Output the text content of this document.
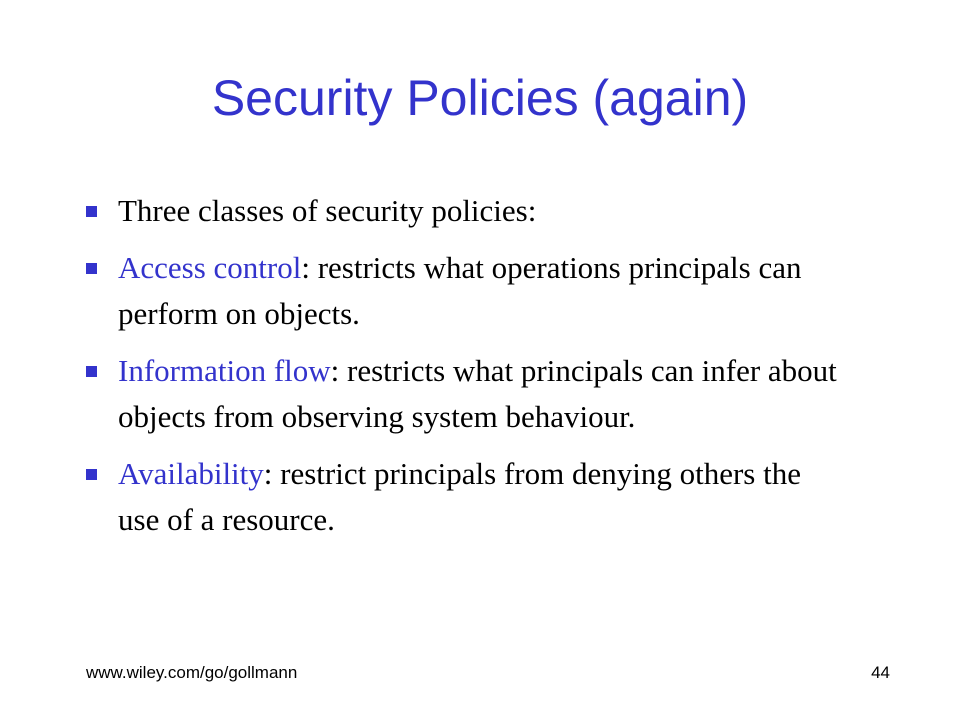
Security Policies (again)
Three classes of security policies:
Access control: restricts what operations principals can perform on objects.
Information flow: restricts what principals can infer about objects from observing system behaviour.
Availability: restrict principals from denying others the use of a resource.
www.wiley.com/go/gollmann	44
